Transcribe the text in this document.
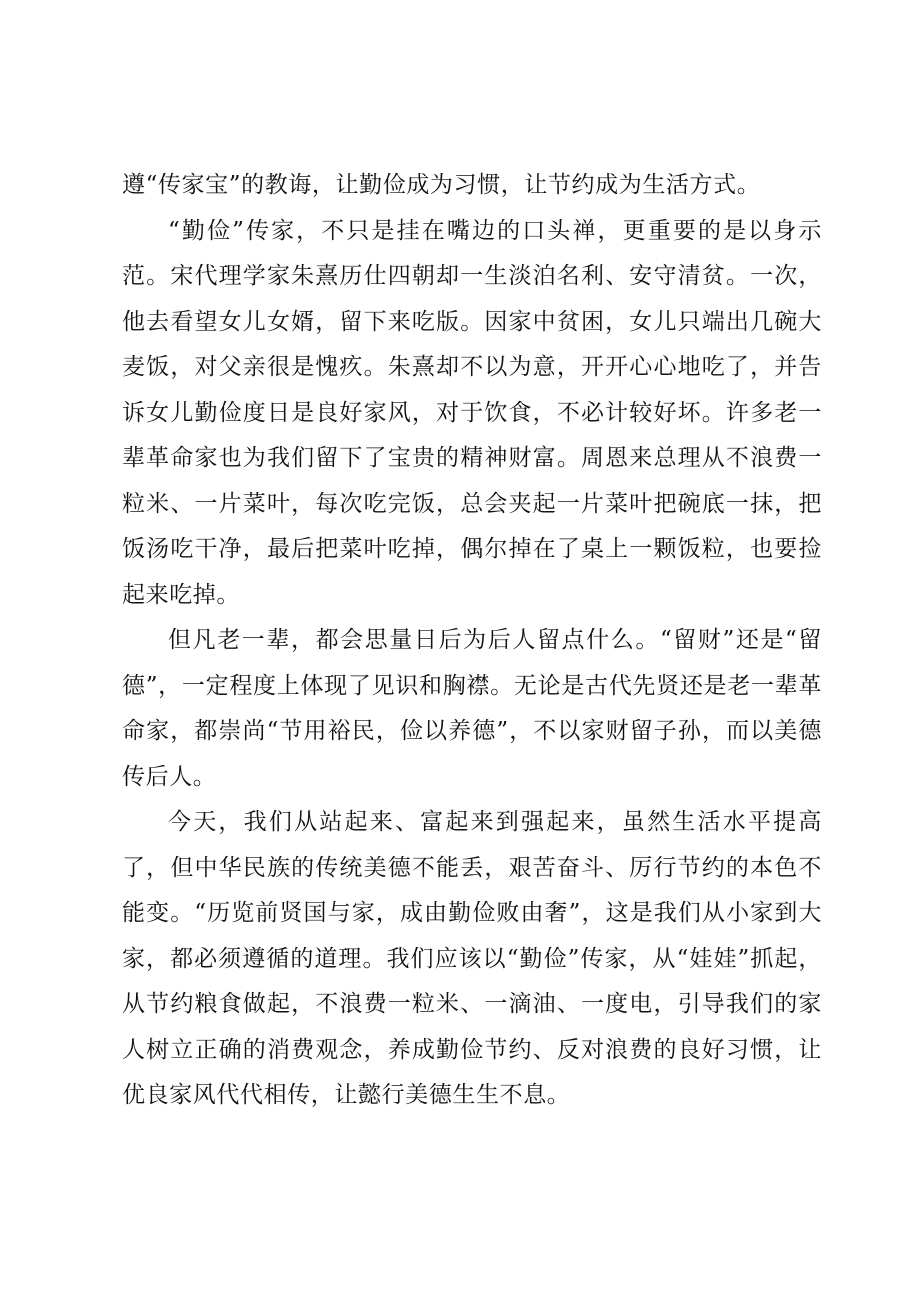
遵“传家宝”的教诲，让勤俭成为习惯，让节约成为生活方式。

“勤俭”传家，不只是挂在嘴边的口头禅，更重要的是以身示范。宋代理学家朱熹历仕四朝却一生淡泊名利、安守清贫。一次，他去看望女儿女婿，留下来吃版。因家中贫困，女儿只端出几碗大麦饭，对父亲很是愧疚。朱熹却不以为意，开开心心地吃了，并告诉女儿勤俭度日是良好家风，对于饮食，不必计较好坏。许多老一辈革命家也为我们留下了宝贵的精神财富。周恩来总理从不浪费一粒米、一片菜叶，每次吃完饭，总会夹起一片菜叶把碗底一抹，把饭汤吃干净，最后把菜叶吃掉，偶尔掉在了桌上一颗饭粒，也要捡起来吃掉。

但凡老一辈，都会思量日后为后人留点什么。“留财”还是“留德”，一定程度上体现了见识和胸襟。无论是古代先贤还是老一辈革命家，都崇尚“节用裕民，俭以养德”，不以家财留子孙，而以美德传后人。

今天，我们从站起来、富起来到强起来，虽然生活水平提高了，但中华民族的传统美德不能丢，艰苦奋斗、厉行节约的本色不能变。“历览前贤国与家，成由勤俭败由奢”，这是我们从小家到大家，都必须遵循的道理。我们应该以“勤俭”传家，从“娃娃”抓起，从节约粮食做起，不浪费一粒米、一滴油、一度电，引导我们的家人树立正确的消费观念，养成勤俭节约、反对浪费的良好习惯，让优良家风代代相传，让懿行美德生生不息。
